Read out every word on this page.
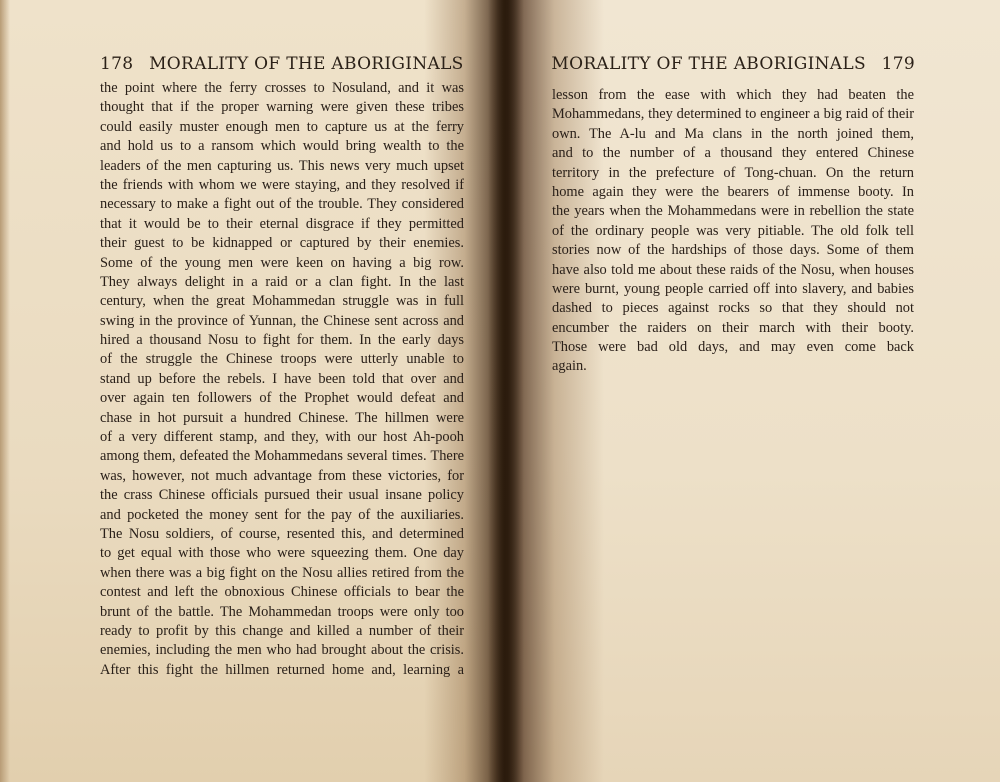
178 MORALITY OF THE ABORIGINALS
the point where the ferry crosses to Nosuland, and it was
thought that if the proper warning were given these tribes
could easily muster enough men to capture us at the ferry
and hold us to a ransom which would bring wealth to the
leaders of the men capturing us. This news very much upset
the friends with whom we were staying, and they resolved if
necessary to make a fight out of the trouble. They considered
that it would be to their eternal disgrace if they permitted
their guest to be kidnapped or captured by their enemies.
Some of the young men were keen on having a big row.
They always delight in a raid or a clan fight. In the last
century, when the great Mohammedan struggle was in full
swing in the province of Yunnan, the Chinese sent across and
hired a thousand Nosu to fight for them. In the early days
of the struggle the Chinese troops were utterly unable to
stand up before the rebels. I have been told that over and
over again ten followers of the Prophet would defeat and
chase in hot pursuit a hundred Chinese. The hillmen were
of a very different stamp, and they, with our host Ah-pooh
among them, defeated the Mohammedans several times. There
was, however, not much advantage from these victories, for
the crass Chinese officials pursued their usual insane policy
and pocketed the money sent for the pay of the auxiliaries.
The Nosu soldiers, of course, resented this, and determined
to get equal with those who were squeezing them. One day
when there was a big fight on the Nosu allies retired from the
contest and left the obnoxious Chinese officials to bear the
brunt of the battle. The Mohammedan troops were only too
ready to profit by this change and killed a number of their
enemies, including the men who had brought about the crisis.
After this fight the hillmen returned home and, learning a
MORALITY OF THE ABORIGINALS 179
lesson from the ease with which they had beaten the
Mohammedans, they determined to engineer a big raid of their
own. The A-lu and Ma clans in the north joined them,
and to the number of a thousand they entered Chinese
territory in the prefecture of Tong-chuan. On the return
home again they were the bearers of immense booty. In
the years when the Mohammedans were in rebellion the state
of the ordinary people was very pitiable. The old folk tell
stories now of the hardships of those days. Some of them
have also told me about these raids of the Nosu, when houses
were burnt, young people carried off into slavery, and babies
dashed to pieces against rocks so that they should not
encumber the raiders on their march with their booty.
Those were bad old days, and may even come back
again.
